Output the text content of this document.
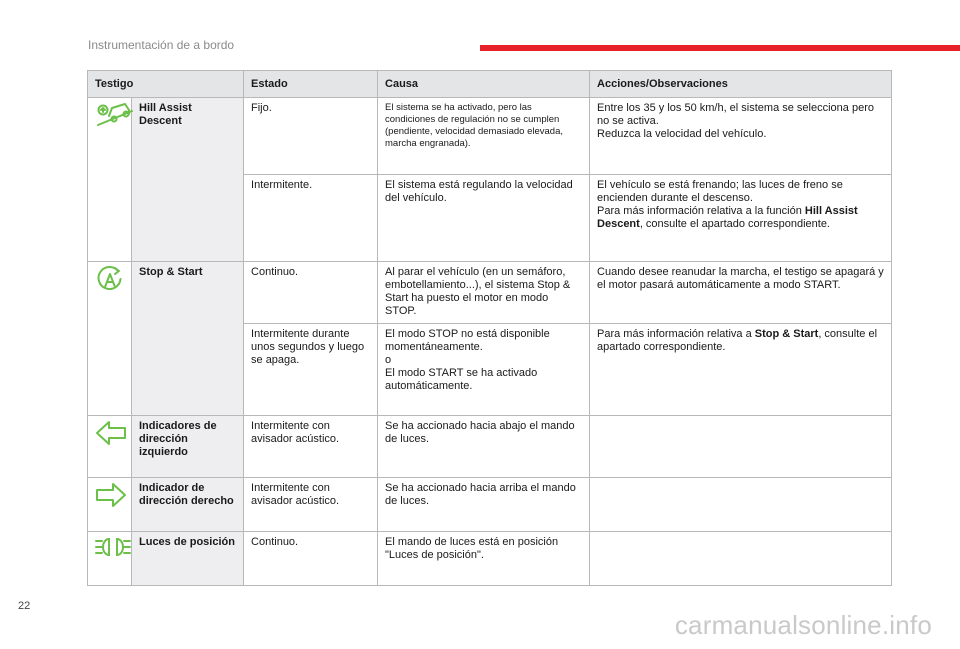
Instrumentación de a bordo
Testigo		Estado	Causa	Acciones/Observaciones

	Hill Assist Descent	Fijo.	El sistema se ha activado, pero las condiciones de regulación no se cumplen (pendiente, velocidad demasiado elevada, marcha engranada).	Entre los 35 y los 50 km/h, el sistema se selecciona pero no se activa.
Reduzca la velocidad del vehículo.
		Intermitente.	El sistema está regulando la velocidad del vehículo.	El vehículo se está frenando; las luces de freno se encienden durante el descenso.
Para más información relativa a la función Hill Assist Descent, consulte el apartado correspondiente.

	Stop & Start	Continuo.	Al parar el vehículo (en un semáforo, embotellamiento...), el sistema Stop & Start ha puesto el motor en modo STOP.	Cuando desee reanudar la marcha, el testigo se apagará y el motor pasará automáticamente a modo START.
		Intermitente durante unos segundos y luego se apaga.	El modo STOP no está disponible momentáneamente.
o
El modo START se ha activado automáticamente.	Para más información relativa a Stop & Start, consulte el apartado correspondiente.

	Indicadores de dirección izquierdo	Intermitente con avisador acústico.	Se ha accionado hacia abajo el mando de luces.	

	Indicador de dirección derecho	Intermitente con avisador acústico.	Se ha accionado hacia arriba el mando de luces.	

	Luces de posición	Continuo.	El mando de luces está en posición "Luces de posición".	
22
carmanualsonline.info
